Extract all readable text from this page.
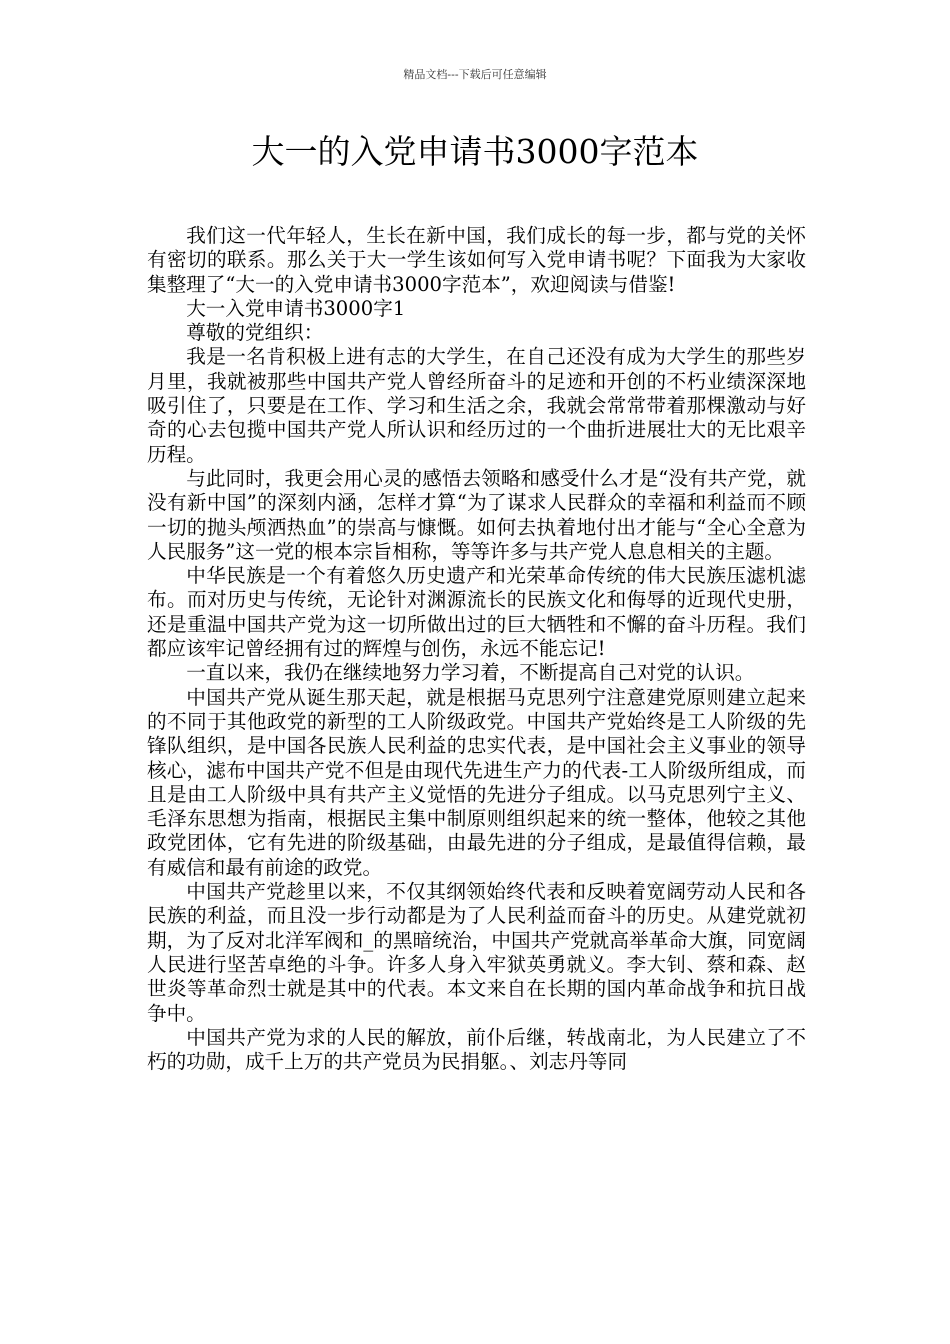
精品文档---下载后可任意编辑
大一的入党申请书3000字范本

我们这一代年轻人，生长在新中国，我们成长的每一步，都与党的关怀有密切的联系。那么关于大一学生该如何写入党申请书呢？下面我为大家收集整理了“大一的入党申请书3000字范本”，欢迎阅读与借鉴!

大一入党申请书3000字1

尊敬的党组织：

我是一名肯积极上进有志的大学生，在自己还没有成为大学生的那些岁月里，我就被那些中国共产党人曾经所奋斗的足迹和开创的不朽业绩深深地吸引住了，只要是在工作、学习和生活之余，我就会常常带着那棵激动与好奇的心去包揽中国共产党人所认识和经历过的一个曲折进展壮大的无比艰辛历程。

与此同时，我更会用心灵的感悟去领略和感受什么才是“没有共产党，就没有新中国”的深刻内涵，怎样才算“为了谋求人民群众的幸福和利益而不顾一切的抛头颅洒热血”的崇高与慷慨。如何去执着地付出才能与“全心全意为人民服务”这一党的根本宗旨相称，等等许多与共产党人息息相关的主题。

中华民族是一个有着悠久历史遗产和光荣革命传统的伟大民族压滤机滤布。而对历史与传统，无论针对渊源流长的民族文化和侮辱的近现代史册，还是重温中国共产党为这一切所做出过的巨大牺牲和不懈的奋斗历程。我们都应该牢记曾经拥有过的辉煌与创伤，永远不能忘记!

一直以来，我仍在继续地努力学习着，不断提高自己对党的认识。

中国共产党从诞生那天起，就是根据马克思列宁注意建党原则建立起来的不同于其他政党的新型的工人阶级政党。中国共产党始终是工人阶级的先锋队组织，是中国各民族人民利益的忠实代表，是中国社会主义事业的领导核心，滤布中国共产党不但是由现代先进生产力的代表-工人阶级所组成，而且是由工人阶级中具有共产主义觉悟的先进分子组成。以马克思列宁主义、毛泽东思想为指南，根据民主集中制原则组织起来的统一整体，他较之其他政党团体，它有先进的阶级基础，由最先进的分子组成，是最值得信赖，最有威信和最有前途的政党。

中国共产党趁里以来，不仅其纲领始终代表和反映着宽阔劳动人民和各民族的利益，而且没一步行动都是为了人民利益而奋斗的历史。从建党就初期，为了反对北洋军阀和_的黑暗统治，中国共产党就高举革命大旗，同宽阔人民进行坚苦卓绝的斗争。许多人身入牢狱英勇就义。李大钊、蔡和森、赵世炎等革命烈士就是其中的代表。本文来自在长期的国内革命战争和抗日战争中。

中国共产党为求的人民的解放，前仆后继，转战南北，为人民建立了不朽的功勋，成千上万的共产党员为民捐躯。、刘志丹等同
